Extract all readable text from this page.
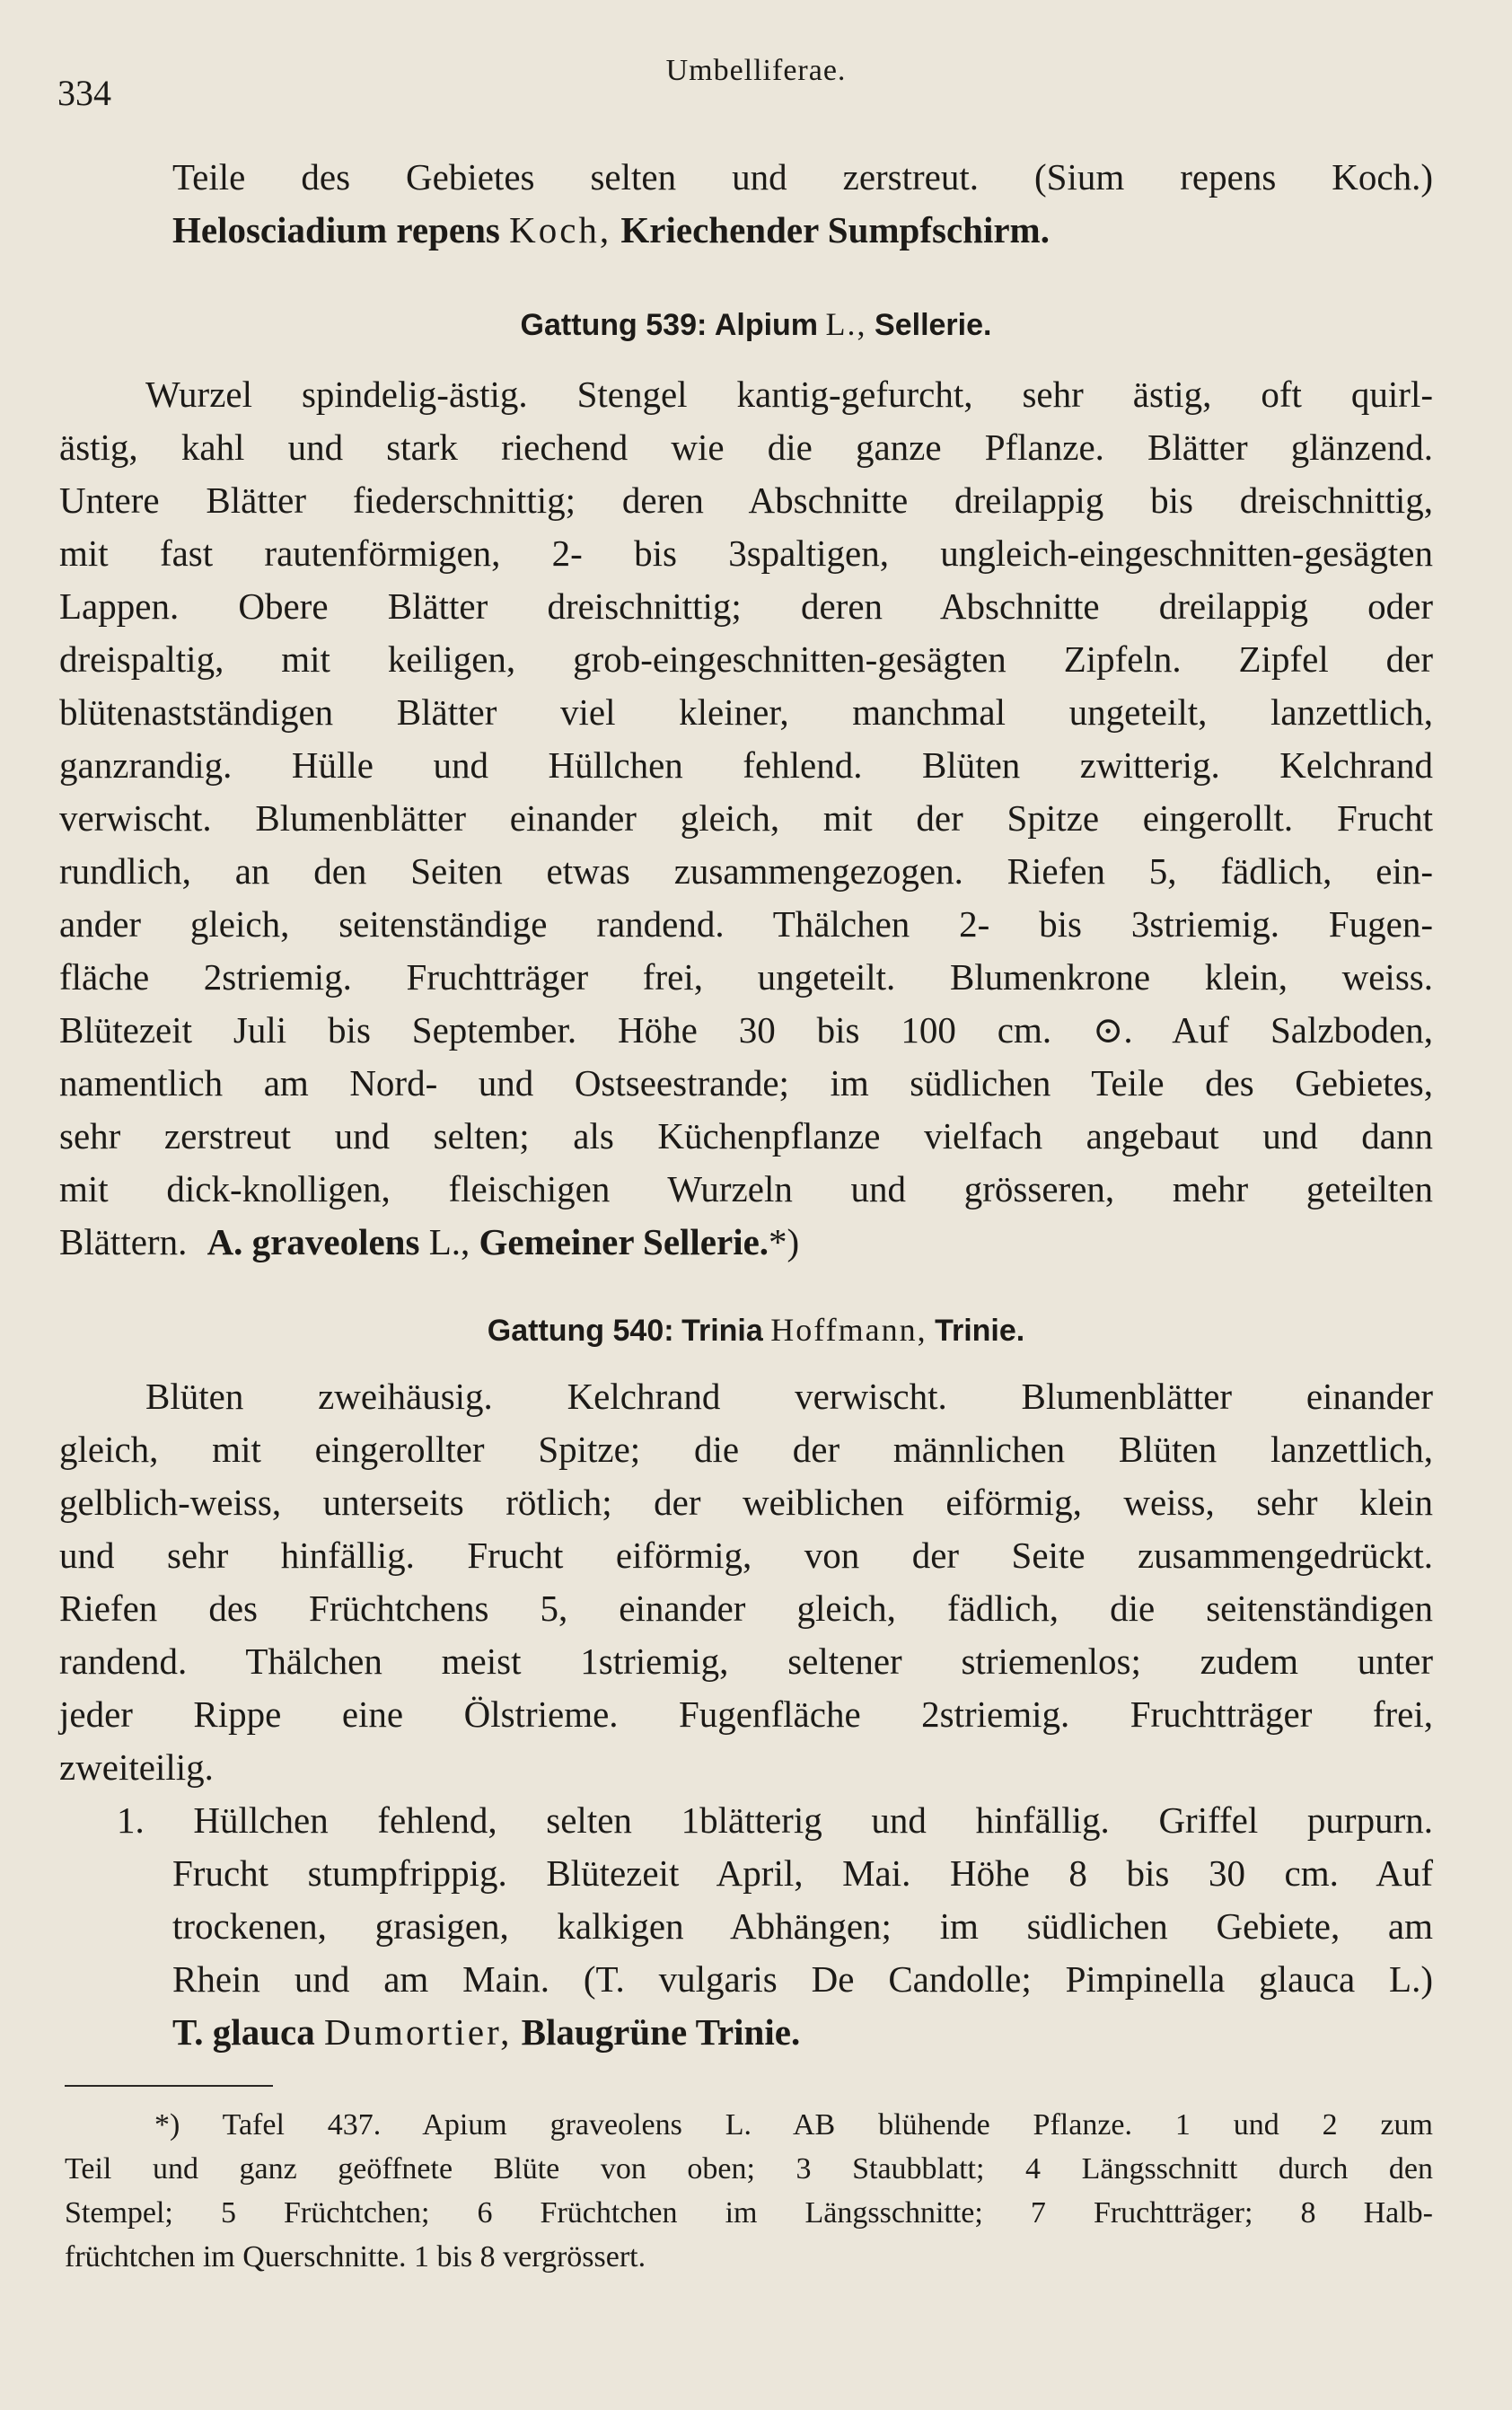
334
Umbelliferae.
Teile des Gebietes selten und zerstreut. (Sium repens Koch.)
Helosciadium repens Koch, Kriechender Sumpfschirm.
Gattung 539: Alpium L., Sellerie.
Wurzel spindelig-ästig. Stengel kantig-gefurcht, sehr ästig, oft quirl-
ästig, kahl und stark riechend wie die ganze Pflanze. Blätter glänzend.
Untere Blätter fiederschnittig; deren Abschnitte dreilappig bis dreischnittig,
mit fast rautenförmigen, 2- bis 3spaltigen, ungleich-eingeschnitten-gesägten
Lappen. Obere Blätter dreischnittig; deren Abschnitte dreilappig oder
dreispaltig, mit keiligen, grob-eingeschnitten-gesägten Zipfeln. Zipfel der
blütenastständigen Blätter viel kleiner, manchmal ungeteilt, lanzettlich,
ganzrandig. Hülle und Hüllchen fehlend. Blüten zwitterig. Kelchrand
verwischt. Blumenblätter einander gleich, mit der Spitze eingerollt. Frucht
rundlich, an den Seiten etwas zusammengezogen. Riefen 5, fädlich, ein-
ander gleich, seitenständige randend. Thälchen 2- bis 3striemig. Fugen-
fläche 2striemig. Fruchtträger frei, ungeteilt. Blumenkrone klein, weiss.
Blütezeit Juli bis September. Höhe 30 bis 100 cm. ⊙. Auf Salzboden,
namentlich am Nord- und Ostseestrande; im südlichen Teile des Gebietes,
sehr zerstreut und selten; als Küchenpflanze vielfach angebaut und dann
mit dick-knolligen, fleischigen Wurzeln und grösseren, mehr geteilten
Blättern. A. graveolens L., Gemeiner Sellerie.*)
Gattung 540: Trinia Hoffmann, Trinie.
Blüten zweihäusig. Kelchrand verwischt. Blumenblätter einander
gleich, mit eingerollter Spitze; die der männlichen Blüten lanzettlich,
gelblich-weiss, unterseits rötlich; der weiblichen eiförmig, weiss, sehr klein
und sehr hinfällig. Frucht eiförmig, von der Seite zusammengedrückt.
Riefen des Früchtchens 5, einander gleich, fädlich, die seitenständigen
randend. Thälchen meist 1striemig, seltener striemenlos; zudem unter
jeder Rippe eine Ölstrieme. Fugenfläche 2striemig. Fruchtträger frei,
zweiteilig.
1. Hüllchen fehlend, selten 1blätterig und hinfällig. Griffel purpurn.
Frucht stumpfrippig. Blütezeit April, Mai. Höhe 8 bis 30 cm. Auf
trockenen, grasigen, kalkigen Abhängen; im südlichen Gebiete, am
Rhein und am Main. (T. vulgaris De Candolle; Pimpinella glauca L.)
T. glauca Dumortier, Blaugrüne Trinie.
*) Tafel 437. Apium graveolens L. AB blühende Pflanze. 1 und 2 zum
Teil und ganz geöffnete Blüte von oben; 3 Staubblatt; 4 Längsschnitt durch den
Stempel; 5 Früchtchen; 6 Früchtchen im Längsschnitte; 7 Fruchtträger; 8 Halb-
früchtchen im Querschnitte. 1 bis 8 vergrössert.
